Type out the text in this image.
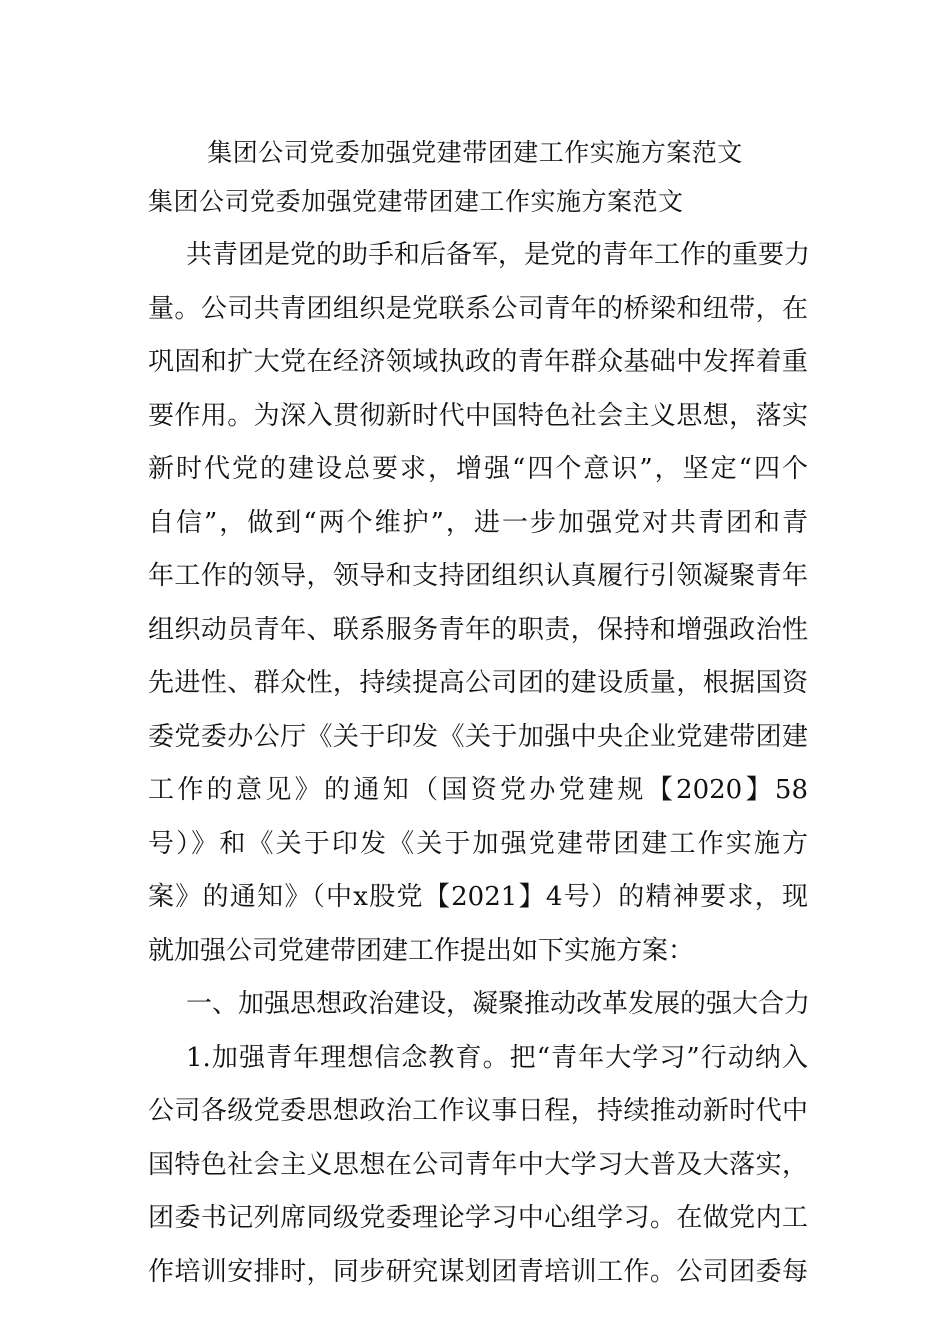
集团公司党委加强党建带团建工作实施方案范文
集团公司党委加强党建带团建工作实施方案范文
共青团是党的助手和后备军，是党的青年工作的重要力
量。公司共青团组织是党联系公司青年的桥梁和纽带，在
巩固和扩大党在经济领域执政的青年群众基础中发挥着重
要作用。为深入贯彻新时代中国特色社会主义思想，落实
新时代党的建设总要求，增强“四个意识”，坚定“四个
自信”，做到“两个维护”，进一步加强党对共青团和青
年工作的领导，领导和支持团组织认真履行引领凝聚青年
组织动员青年、联系服务青年的职责，保持和增强政治性
先进性、群众性，持续提高公司团的建设质量，根据国资
委党委办公厅《关于印发《关于加强中央企业党建带团建
工作的意见》的通知（国资党办党建规【2020】58
号）》和《关于印发《关于加强党建带团建工作实施方
案》的通知》（中x股党【2021】4号）的精神要求，现
就加强公司党建带团建工作提出如下实施方案：
一、加强思想政治建设，凝聚推动改革发展的强大合力
1.加强青年理想信念教育。把“青年大学习”行动纳入
公司各级党委思想政治工作议事日程，持续推动新时代中
国特色社会主义思想在公司青年中大学习大普及大落实，
团委书记列席同级党委理论学习中心组学习。在做党内工
作培训安排时，同步研究谋划团青培训工作。公司团委每
